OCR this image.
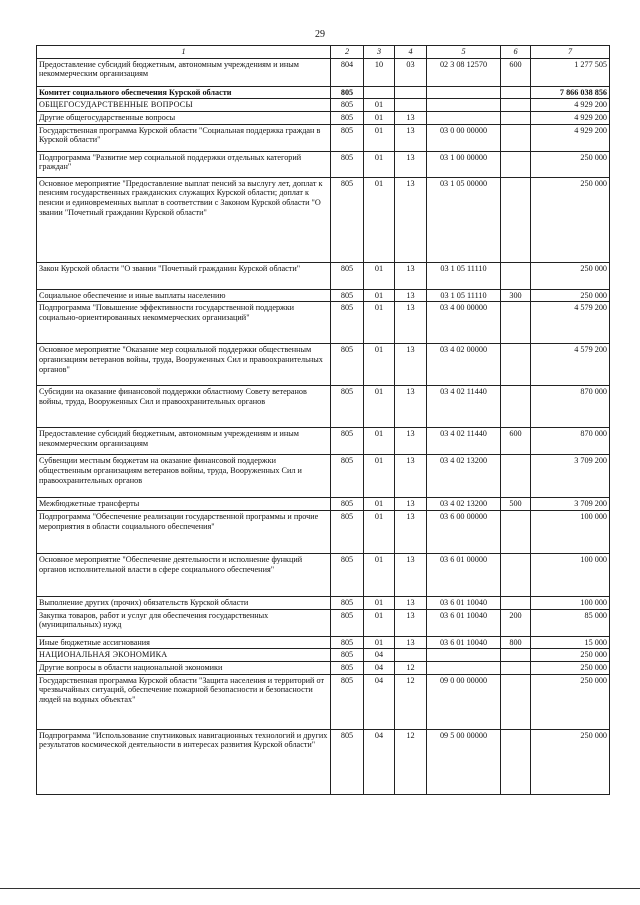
29
1	2	3	4	5	6	7
Предоставление субсидий бюджетным, автономным учреждениям и иным некоммерческим организациям	804	10	03	02 3 08 12570	600	1 277 505
Комитет социального обеспечения Курской области	805					7 866 038 856
ОБЩЕГОСУДАРСТВЕННЫЕ ВОПРОСЫ	805	01				4 929 200
Другие общегосударственные вопросы	805	01	13			4 929 200
Государственная программа Курской области "Социальная поддержка граждан в Курской области"	805	01	13	03 0 00 00000		4 929 200
Подпрограмма "Развитие мер социальной поддержки отдельных категорий граждан"	805	01	13	03 1 00 00000		250 000
Основное мероприятие "Предоставление выплат пенсий за выслугу лет, доплат к пенсиям государственных гражданских служащих Курской области; доплат к пенсии и единовременных выплат в соответствии с Законом Курской области "О звании "Почетный гражданин Курской области"	805	01	13	03 1 05 00000		250 000
Закон Курской области "О звании "Почетный гражданин Курской области"	805	01	13	03 1 05 11110		250 000
Социальное обеспечение и иные выплаты населению	805	01	13	03 1 05 11110	300	250 000
Подпрограмма "Повышение эффективности государственной поддержки социально-ориентированных некоммерческих организаций"	805	01	13	03 4 00 00000		4 579 200
Основное мероприятие "Оказание мер социальной поддержки общественным организациям ветеранов войны, труда, Вооруженных Сил и правоохранительных органов"	805	01	13	03 4 02 00000		4 579 200
Субсидии на оказание финансовой поддержки областному Совету ветеранов войны, труда, Вооруженных Сил и правоохранительных органов	805	01	13	03 4 02 11440		870 000
Предоставление субсидий бюджетным, автономным учреждениям и иным некоммерческим организациям	805	01	13	03 4 02 11440	600	870 000
Субвенции местным бюджетам на оказание финансовой поддержки общественным организациям ветеранов войны, труда, Вооруженных Сил и правоохранительных органов	805	01	13	03 4 02 13200		3 709 200
Межбюджетные трансферты	805	01	13	03 4 02 13200	500	3 709 200
Подпрограмма "Обеспечение реализации государственной программы и прочие мероприятия в области социального обеспечения"	805	01	13	03 6 00 00000		100 000
Основное мероприятие "Обеспечение деятельности и исполнение функций органов исполнительной власти в сфере социального обеспечения"	805	01	13	03 6 01 00000		100 000
Выполнение других (прочих) обязательств Курской области	805	01	13	03 6 01 10040		100 000
Закупка товаров, работ и услуг для обеспечения государственных (муниципальных) нужд	805	01	13	03 6 01 10040	200	85 000
Иные бюджетные ассигнования	805	01	13	03 6 01 10040	800	15 000
НАЦИОНАЛЬНАЯ ЭКОНОМИКА	805	04				250 000
Другие вопросы в области национальной экономики	805	04	12			250 000
Государственная программа Курской области "Защита населения и территорий от чрезвычайных ситуаций, обеспечение пожарной безопасности и безопасности людей на водных объектах"	805	04	12	09 0 00 00000		250 000
Подпрограмма "Использование спутниковых навигационных технологий и других результатов космической деятельности в интересах развития Курской области"	805	04	12	09 5 00 00000		250 000
